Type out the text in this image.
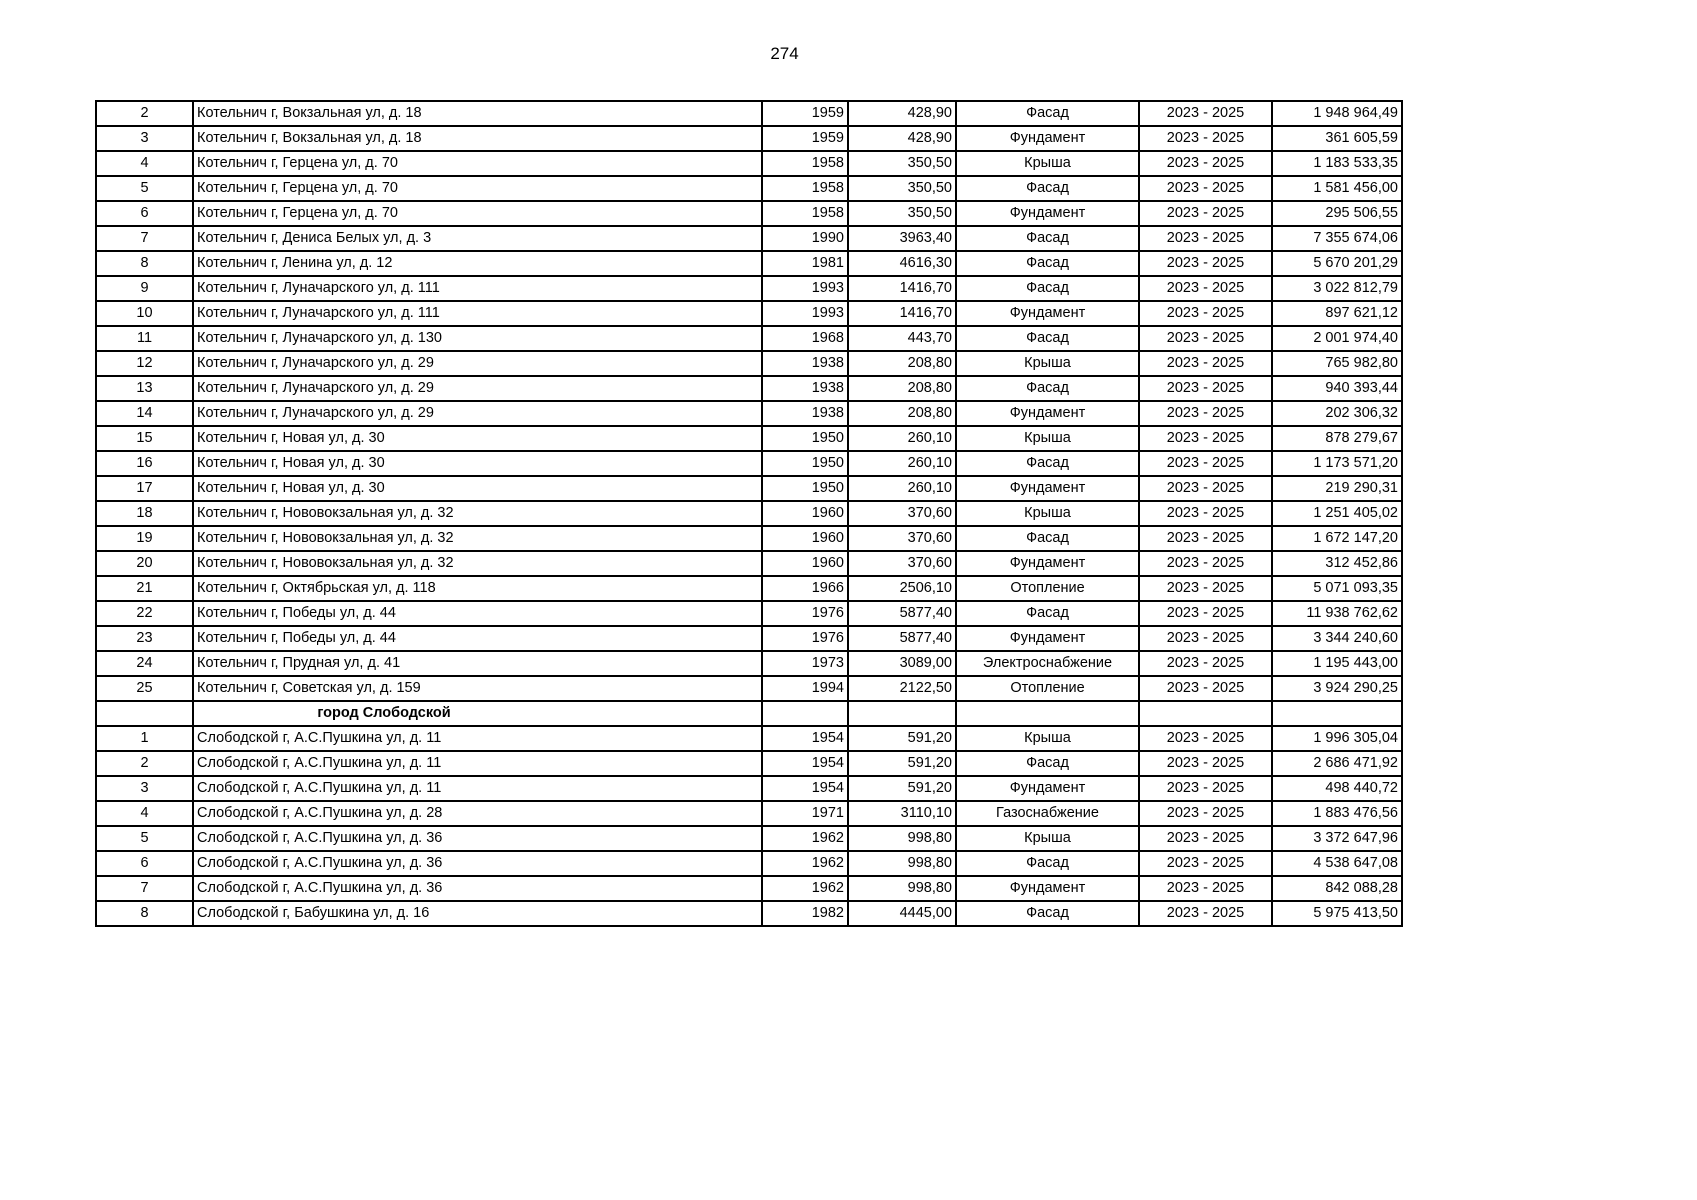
274
2	Котельнич г, Вокзальная ул, д. 18	1959	428,90	Фасад	2023 - 2025	1 948 964,49
3	Котельнич г, Вокзальная ул, д. 18	1959	428,90	Фундамент	2023 - 2025	361 605,59
4	Котельнич г, Герцена ул, д. 70	1958	350,50	Крыша	2023 - 2025	1 183 533,35
5	Котельнич г, Герцена ул, д. 70	1958	350,50	Фасад	2023 - 2025	1 581 456,00
6	Котельнич г, Герцена ул, д. 70	1958	350,50	Фундамент	2023 - 2025	295 506,55
7	Котельнич г, Дениса Белых ул, д. 3	1990	3963,40	Фасад	2023 - 2025	7 355 674,06
8	Котельнич г, Ленина ул, д. 12	1981	4616,30	Фасад	2023 - 2025	5 670 201,29
9	Котельнич г, Луначарского ул, д. 111	1993	1416,70	Фасад	2023 - 2025	3 022 812,79
10	Котельнич г, Луначарского ул, д. 111	1993	1416,70	Фундамент	2023 - 2025	897 621,12
11	Котельнич г, Луначарского ул, д. 130	1968	443,70	Фасад	2023 - 2025	2 001 974,40
12	Котельнич г, Луначарского ул, д. 29	1938	208,80	Крыша	2023 - 2025	765 982,80
13	Котельнич г, Луначарского ул, д. 29	1938	208,80	Фасад	2023 - 2025	940 393,44
14	Котельнич г, Луначарского ул, д. 29	1938	208,80	Фундамент	2023 - 2025	202 306,32
15	Котельнич г, Новая ул, д. 30	1950	260,10	Крыша	2023 - 2025	878 279,67
16	Котельнич г, Новая ул, д. 30	1950	260,10	Фасад	2023 - 2025	1 173 571,20
17	Котельнич г, Новая ул, д. 30	1950	260,10	Фундамент	2023 - 2025	219 290,31
18	Котельнич г, Нововокзальная ул, д. 32	1960	370,60	Крыша	2023 - 2025	1 251 405,02
19	Котельнич г, Нововокзальная ул, д. 32	1960	370,60	Фасад	2023 - 2025	1 672 147,20
20	Котельнич г, Нововокзальная ул, д. 32	1960	370,60	Фундамент	2023 - 2025	312 452,86
21	Котельнич г, Октябрьская ул, д. 118	1966	2506,10	Отопление	2023 - 2025	5 071 093,35
22	Котельнич г, Победы ул, д. 44	1976	5877,40	Фасад	2023 - 2025	11 938 762,62
23	Котельнич г, Победы ул, д. 44	1976	5877,40	Фундамент	2023 - 2025	3 344 240,60
24	Котельнич г, Прудная ул, д. 41	1973	3089,00	Электроснабжение	2023 - 2025	1 195 443,00
25	Котельнич г, Советская ул, д. 159	1994	2122,50	Отопление	2023 - 2025	3 924 290,25
	город Слободской					
1	Слободской г, А.С.Пушкина ул, д. 11	1954	591,20	Крыша	2023 - 2025	1 996 305,04
2	Слободской г, А.С.Пушкина ул, д. 11	1954	591,20	Фасад	2023 - 2025	2 686 471,92
3	Слободской г, А.С.Пушкина ул, д. 11	1954	591,20	Фундамент	2023 - 2025	498 440,72
4	Слободской г, А.С.Пушкина ул, д. 28	1971	3110,10	Газоснабжение	2023 - 2025	1 883 476,56
5	Слободской г, А.С.Пушкина ул, д. 36	1962	998,80	Крыша	2023 - 2025	3 372 647,96
6	Слободской г, А.С.Пушкина ул, д. 36	1962	998,80	Фасад	2023 - 2025	4 538 647,08
7	Слободской г, А.С.Пушкина ул, д. 36	1962	998,80	Фундамент	2023 - 2025	842 088,28
8	Слободской г, Бабушкина ул, д. 16	1982	4445,00	Фасад	2023 - 2025	5 975 413,50
